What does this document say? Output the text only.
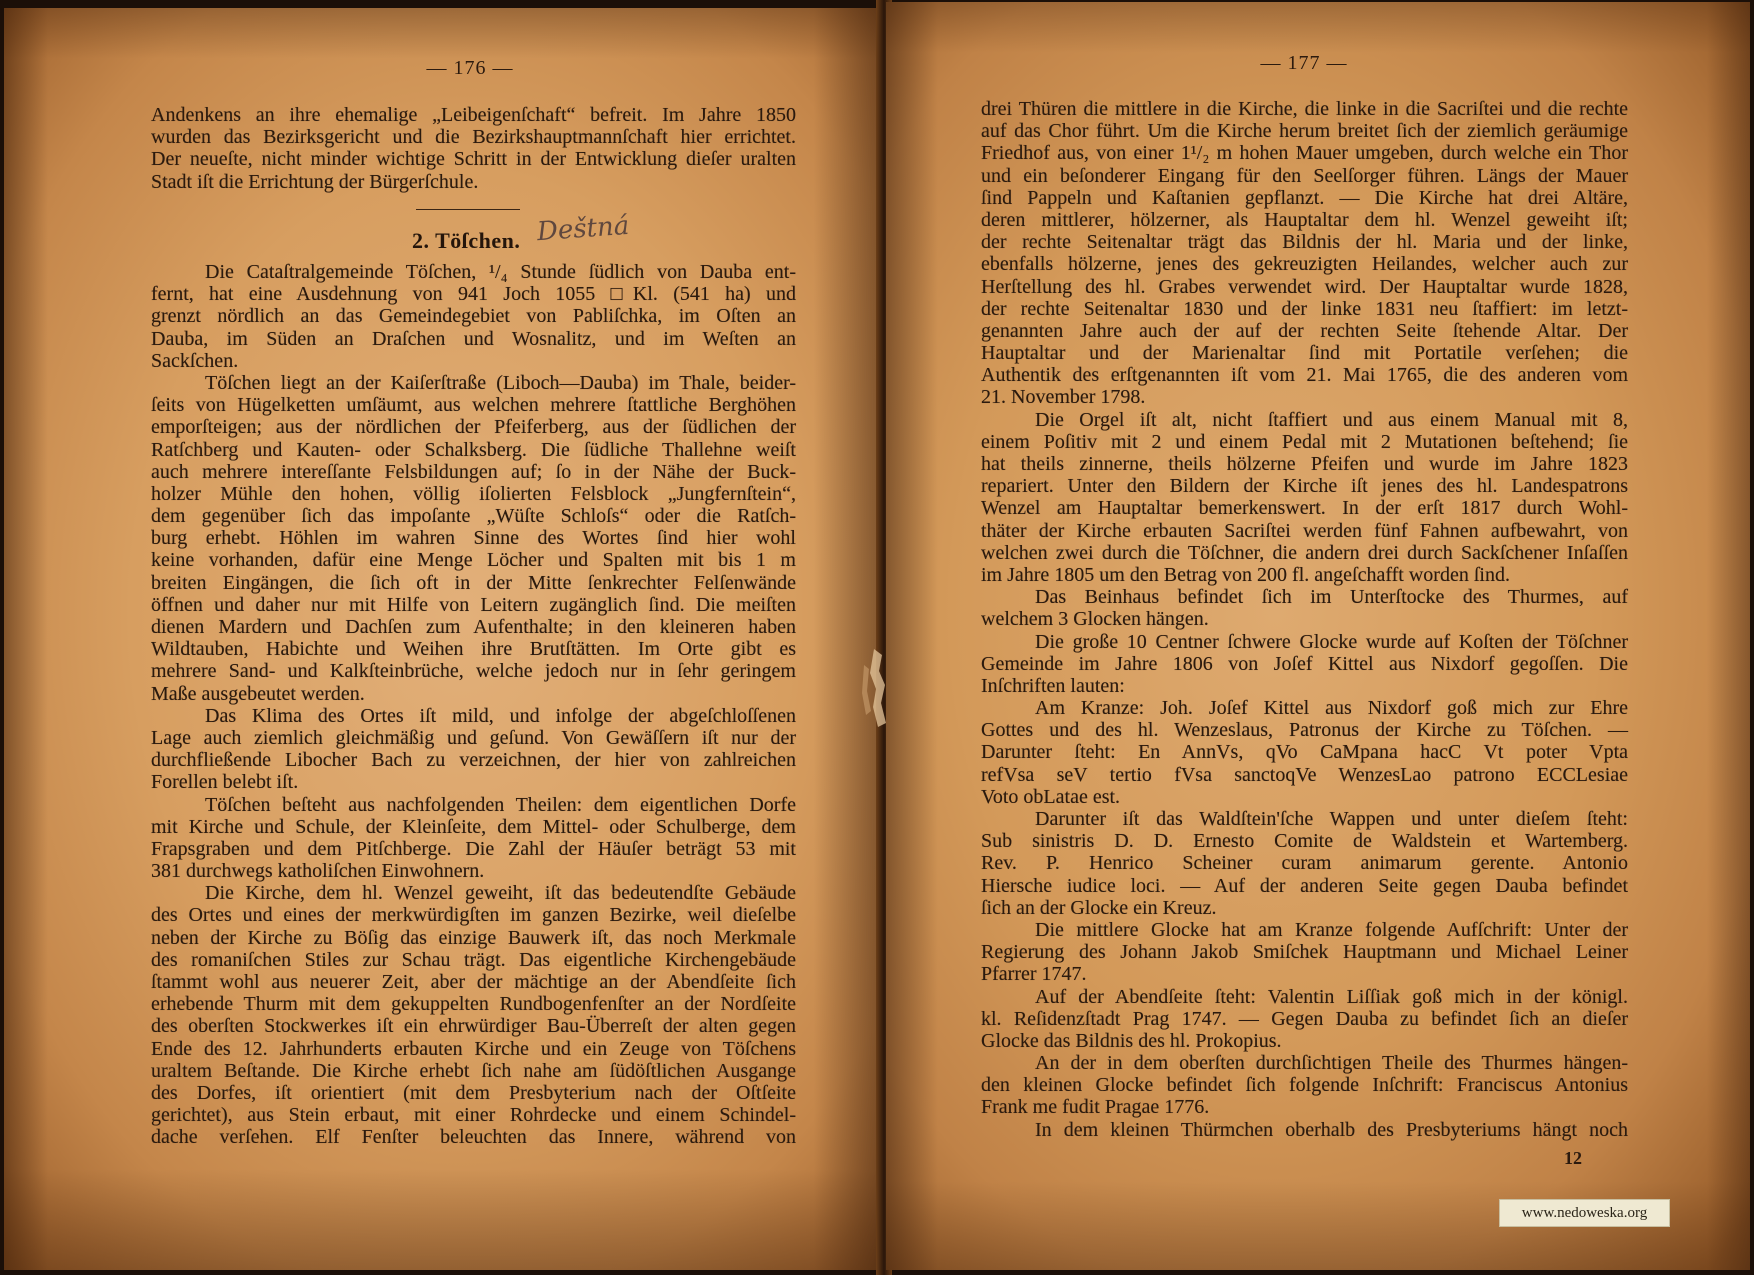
— 176 —
Andenkens an ihre ehemalige „Leibeigenſchaft“ befreit. Im Jahre 1850
wurden das Bezirksgericht und die Bezirkshauptmannſchaft hier errichtet.
Der neueſte, nicht minder wichtige Schritt in der Entwicklung dieſer uralten
Stadt iſt die Errichtung der Bürgerſchule.
2. Töſchen. Deštná
Die Cataſtralgemeinde Töſchen, ¹/₄ Stunde ſüdlich von Dauba ent-
fernt, hat eine Ausdehnung von 941 Joch 1055 □Kl. (541 ha) und
grenzt nördlich an das Gemeindegebiet von Pabliſchka, im Oſten an
Dauba, im Süden an Draſchen und Wosnalitz, und im Weſten an
Sackſchen.
Töſchen liegt an der Kaiſerſtraße (Liboch—Dauba) im Thale, beider-
ſeits von Hügelketten umſäumt, aus welchen mehrere ſtattliche Berghöhen
emporſteigen; aus der nördlichen der Pfeiferberg, aus der ſüdlichen der
Ratſchberg und Kauten- oder Schalksberg. Die ſüdliche Thallehne weiſt
auch mehrere intereſſante Felsbildungen auf; ſo in der Nähe der Buck-
holzer Mühle den hohen, völlig iſolierten Felsblock „Jungfernſtein“,
dem gegenüber ſich das impoſante „Wüſte Schloſs“ oder die Ratſch-
burg erhebt. Höhlen im wahren Sinne des Wortes ſind hier wohl
keine vorhanden, dafür eine Menge Löcher und Spalten mit bis 1 m
breiten Eingängen, die ſich oft in der Mitte ſenkrechter Felſenwände
öffnen und daher nur mit Hilfe von Leitern zugänglich ſind. Die meiſten
dienen Mardern und Dachſen zum Aufenthalte; in den kleineren haben
Wildtauben, Habichte und Weihen ihre Brutſtätten. Im Orte gibt es
mehrere Sand- und Kalkſteinbrüche, welche jedoch nur in ſehr geringem
Maße ausgebeutet werden.
Das Klima des Ortes iſt mild, und infolge der abgeſchloſſenen
Lage auch ziemlich gleichmäßig und geſund. Von Gewäſſern iſt nur der
durchfließende Libocher Bach zu verzeichnen, der hier von zahlreichen
Forellen belebt iſt.
Töſchen beſteht aus nachfolgenden Theilen: dem eigentlichen Dorfe
mit Kirche und Schule, der Kleinſeite, dem Mittel- oder Schulberge, dem
Frapsgraben und dem Pitſchberge. Die Zahl der Häuſer beträgt 53 mit
381 durchwegs katholiſchen Einwohnern.
Die Kirche, dem hl. Wenzel geweiht, iſt das bedeutendſte Gebäude
des Ortes und eines der merkwürdigſten im ganzen Bezirke, weil dieſelbe
neben der Kirche zu Böſig das einzige Bauwerk iſt, das noch Merkmale
des romaniſchen Stiles zur Schau trägt. Das eigentliche Kirchengebäude
ſtammt wohl aus neuerer Zeit, aber der mächtige an der Abendſeite ſich
erhebende Thurm mit dem gekuppelten Rundbogenfenſter an der Nordſeite
des oberſten Stockwerkes iſt ein ehrwürdiger Bau-Überreſt der alten gegen
Ende des 12. Jahrhunderts erbauten Kirche und ein Zeuge von Töſchens
uraltem Beſtande. Die Kirche erhebt ſich nahe am ſüdöſtlichen Ausgange
des Dorfes, iſt orientiert (mit dem Presbyterium nach der Oſtſeite
gerichtet), aus Stein erbaut, mit einer Rohrdecke und einem Schindel-
dache verſehen. Elf Fenſter beleuchten das Innere, während von
— 177 —
drei Thüren die mittlere in die Kirche, die linke in die Sacriſtei und die rechte
auf das Chor führt. Um die Kirche herum breitet ſich der ziemlich geräumige
Friedhof aus, von einer 1¹/₂ m hohen Mauer umgeben, durch welche ein Thor
und ein beſonderer Eingang für den Seelſorger führen. Längs der Mauer
ſind Pappeln und Kaſtanien gepflanzt. — Die Kirche hat drei Altäre,
deren mittlerer, hölzerner, als Hauptaltar dem hl. Wenzel geweiht iſt;
der rechte Seitenaltar trägt das Bildnis der hl. Maria und der linke,
ebenfalls hölzerne, jenes des gekreuzigten Heilandes, welcher auch zur
Herſtellung des hl. Grabes verwendet wird. Der Hauptaltar wurde 1828,
der rechte Seitenaltar 1830 und der linke 1831 neu ſtaffiert: im letzt-
genannten Jahre auch der auf der rechten Seite ſtehende Altar. Der
Hauptaltar und der Marienaltar ſind mit Portatile verſehen; die
Authentik des erſtgenannten iſt vom 21. Mai 1765, die des anderen vom
21. November 1798.
Die Orgel iſt alt, nicht ſtaffiert und aus einem Manual mit 8,
einem Poſitiv mit 2 und einem Pedal mit 2 Mutationen beſtehend; ſie
hat theils zinnerne, theils hölzerne Pfeifen und wurde im Jahre 1823
repariert. Unter den Bildern der Kirche iſt jenes des hl. Landespatrons
Wenzel am Hauptaltar bemerkenswert. In der erſt 1817 durch Wohl-
thäter der Kirche erbauten Sacriſtei werden fünf Fahnen aufbewahrt, von
welchen zwei durch die Töſchner, die andern drei durch Sackſchener Inſaſſen
im Jahre 1805 um den Betrag von 200 fl. angeſchafft worden ſind.
Das Beinhaus befindet ſich im Unterſtocke des Thurmes, auf
welchem 3 Glocken hängen.
Die große 10 Centner ſchwere Glocke wurde auf Koſten der Töſchner
Gemeinde im Jahre 1806 von Joſef Kittel aus Nixdorf gegoſſen. Die
Inſchriften lauten:
Am Kranze: Joh. Joſef Kittel aus Nixdorf goß mich zur Ehre
Gottes und des hl. Wenzeslaus, Patronus der Kirche zu Töſchen. —
Darunter ſteht: En AnnVs, qVo CaMpana hacC Vt poter Vpta
refVsa seV tertio fVsa sanctoqVe WenzesLao patrono ECCLesiae
Voto obLatae est.
Darunter iſt das Waldſtein'ſche Wappen und unter dieſem ſteht:
Sub sinistris D. D. Ernesto Comite de Waldstein et Wartemberg.
Rev. P. Henrico Scheiner curam animarum gerente. Antonio
Hiersche iudice loci. — Auf der anderen Seite gegen Dauba befindet
ſich an der Glocke ein Kreuz.
Die mittlere Glocke hat am Kranze folgende Aufſchrift: Unter der
Regierung des Johann Jakob Smiſchek Hauptmann und Michael Leiner
Pfarrer 1747.
Auf der Abendſeite ſteht: Valentin Liſſiak goß mich in der königl.
kl. Reſidenzſtadt Prag 1747. — Gegen Dauba zu befindet ſich an dieſer
Glocke das Bildnis des hl. Prokopius.
An der in dem oberſten durchſichtigen Theile des Thurmes hängen-
den kleinen Glocke befindet ſich folgende Inſchrift: Franciscus Antonius
Frank me fudit Pragae 1776.
In dem kleinen Thürmchen oberhalb des Presbyteriums hängt noch
12
www.nedoweska.org
